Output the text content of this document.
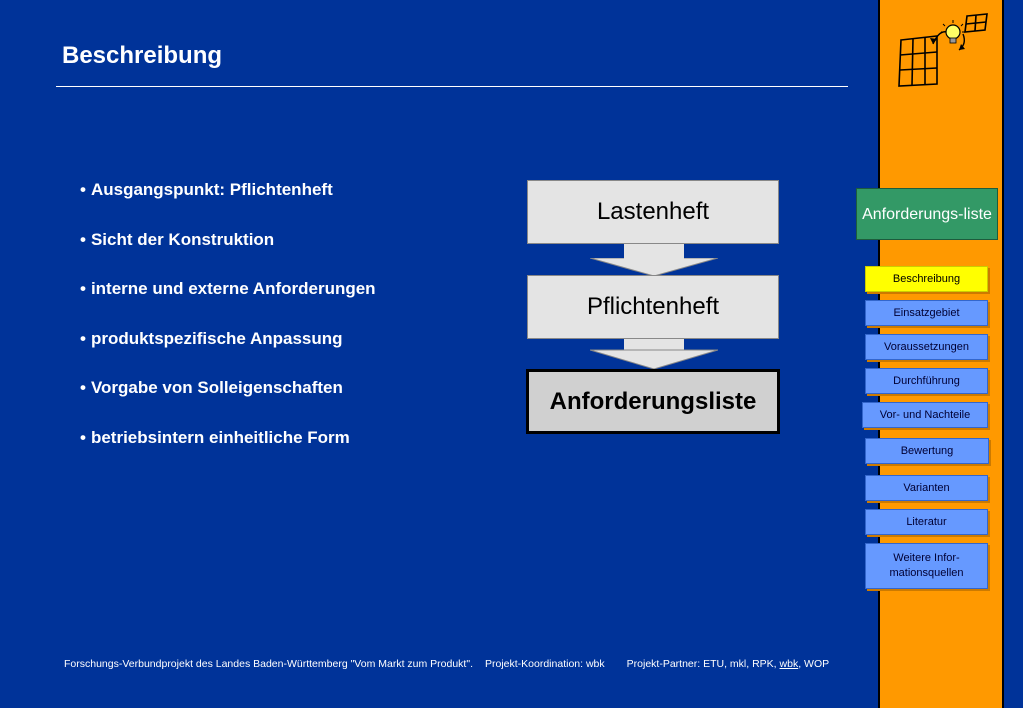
Beschreibung
• Ausgangspunkt: Pflichtenheft
• Sicht der Konstruktion
• interne und externe Anforderungen
• produktspezifische Anpassung
• Vorgabe von Solleigenschaften
• betriebsintern einheitliche Form
Lastenheft
Pflichtenheft
Anforderungsliste
Forschungs-Verbundprojekt des Landes Baden-Württemberg "Vom Markt zum Produkt". Projekt-Koordination: wbk Projekt-Partner: ETU, mkl, RPK, wbk, WOP
Anforderungs-liste
Beschreibung
Einsatzgebiet
Voraussetzungen
Durchführung
Vor- und Nachteile
Bewertung
Varianten
Literatur
Weitere Infor-mationsquellen
